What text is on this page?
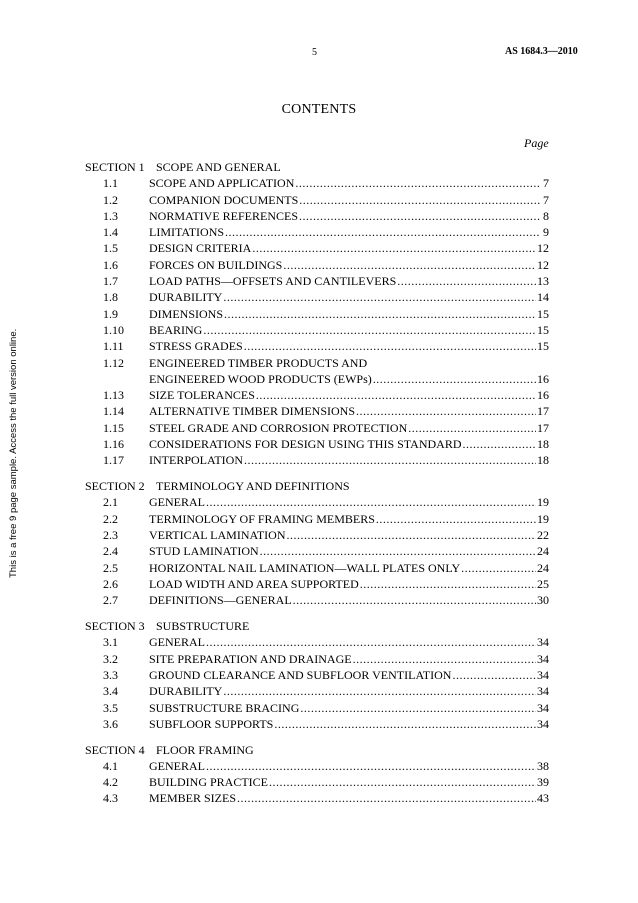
5	AS 1684.3—2010
This is a free 9 page sample. Access the full version online.
CONTENTS
Page
SECTION 1 SCOPE AND GENERAL
1.1	SCOPE AND APPLICATION .....	7
1.2	COMPANION DOCUMENTS .....	7
1.3	NORMATIVE REFERENCES .....	8
1.4	LIMITATIONS .....	9
1.5	DESIGN CRITERIA .....	12
1.6	FORCES ON BUILDINGS .....	12
1.7	LOAD PATHS—OFFSETS AND CANTILEVERS .....	13
1.8	DURABILITY .....	14
1.9	DIMENSIONS .....	15
1.10	BEARING .....	15
1.11	STRESS GRADES .....	15
1.12 ENGINEERED TIMBER PRODUCTS AND
ENGINEERED WOOD PRODUCTS (EWPs) .....	16
1.13	SIZE TOLERANCES .....	16
1.14	ALTERNATIVE TIMBER DIMENSIONS .....	17
1.15	STEEL GRADE AND CORROSION PROTECTION .....	17
1.16	CONSIDERATIONS FOR DESIGN USING THIS STANDARD .....	18
1.17	INTERPOLATION .....	18
SECTION 2 TERMINOLOGY AND DEFINITIONS
2.1	GENERAL .....	19
2.2	TERMINOLOGY OF FRAMING MEMBERS .....	19
2.3	VERTICAL LAMINATION .....	22
2.4	STUD LAMINATION .....	24
2.5	HORIZONTAL NAIL LAMINATION—WALL PLATES ONLY .....	24
2.6	LOAD WIDTH AND AREA SUPPORTED .....	25
2.7	DEFINITIONS—GENERAL .....	30
SECTION 3 SUBSTRUCTURE
3.1	GENERAL .....	34
3.2	SITE PREPARATION AND DRAINAGE .....	34
3.3	GROUND CLEARANCE AND SUBFLOOR VENTILATION .....	34
3.4	DURABILITY .....	34
3.5	SUBSTRUCTURE BRACING .....	34
3.6	SUBFLOOR SUPPORTS .....	34
SECTION 4 FLOOR FRAMING
4.1	GENERAL .....	38
4.2	BUILDING PRACTICE .....	39
4.3	MEMBER SIZES .....	43
